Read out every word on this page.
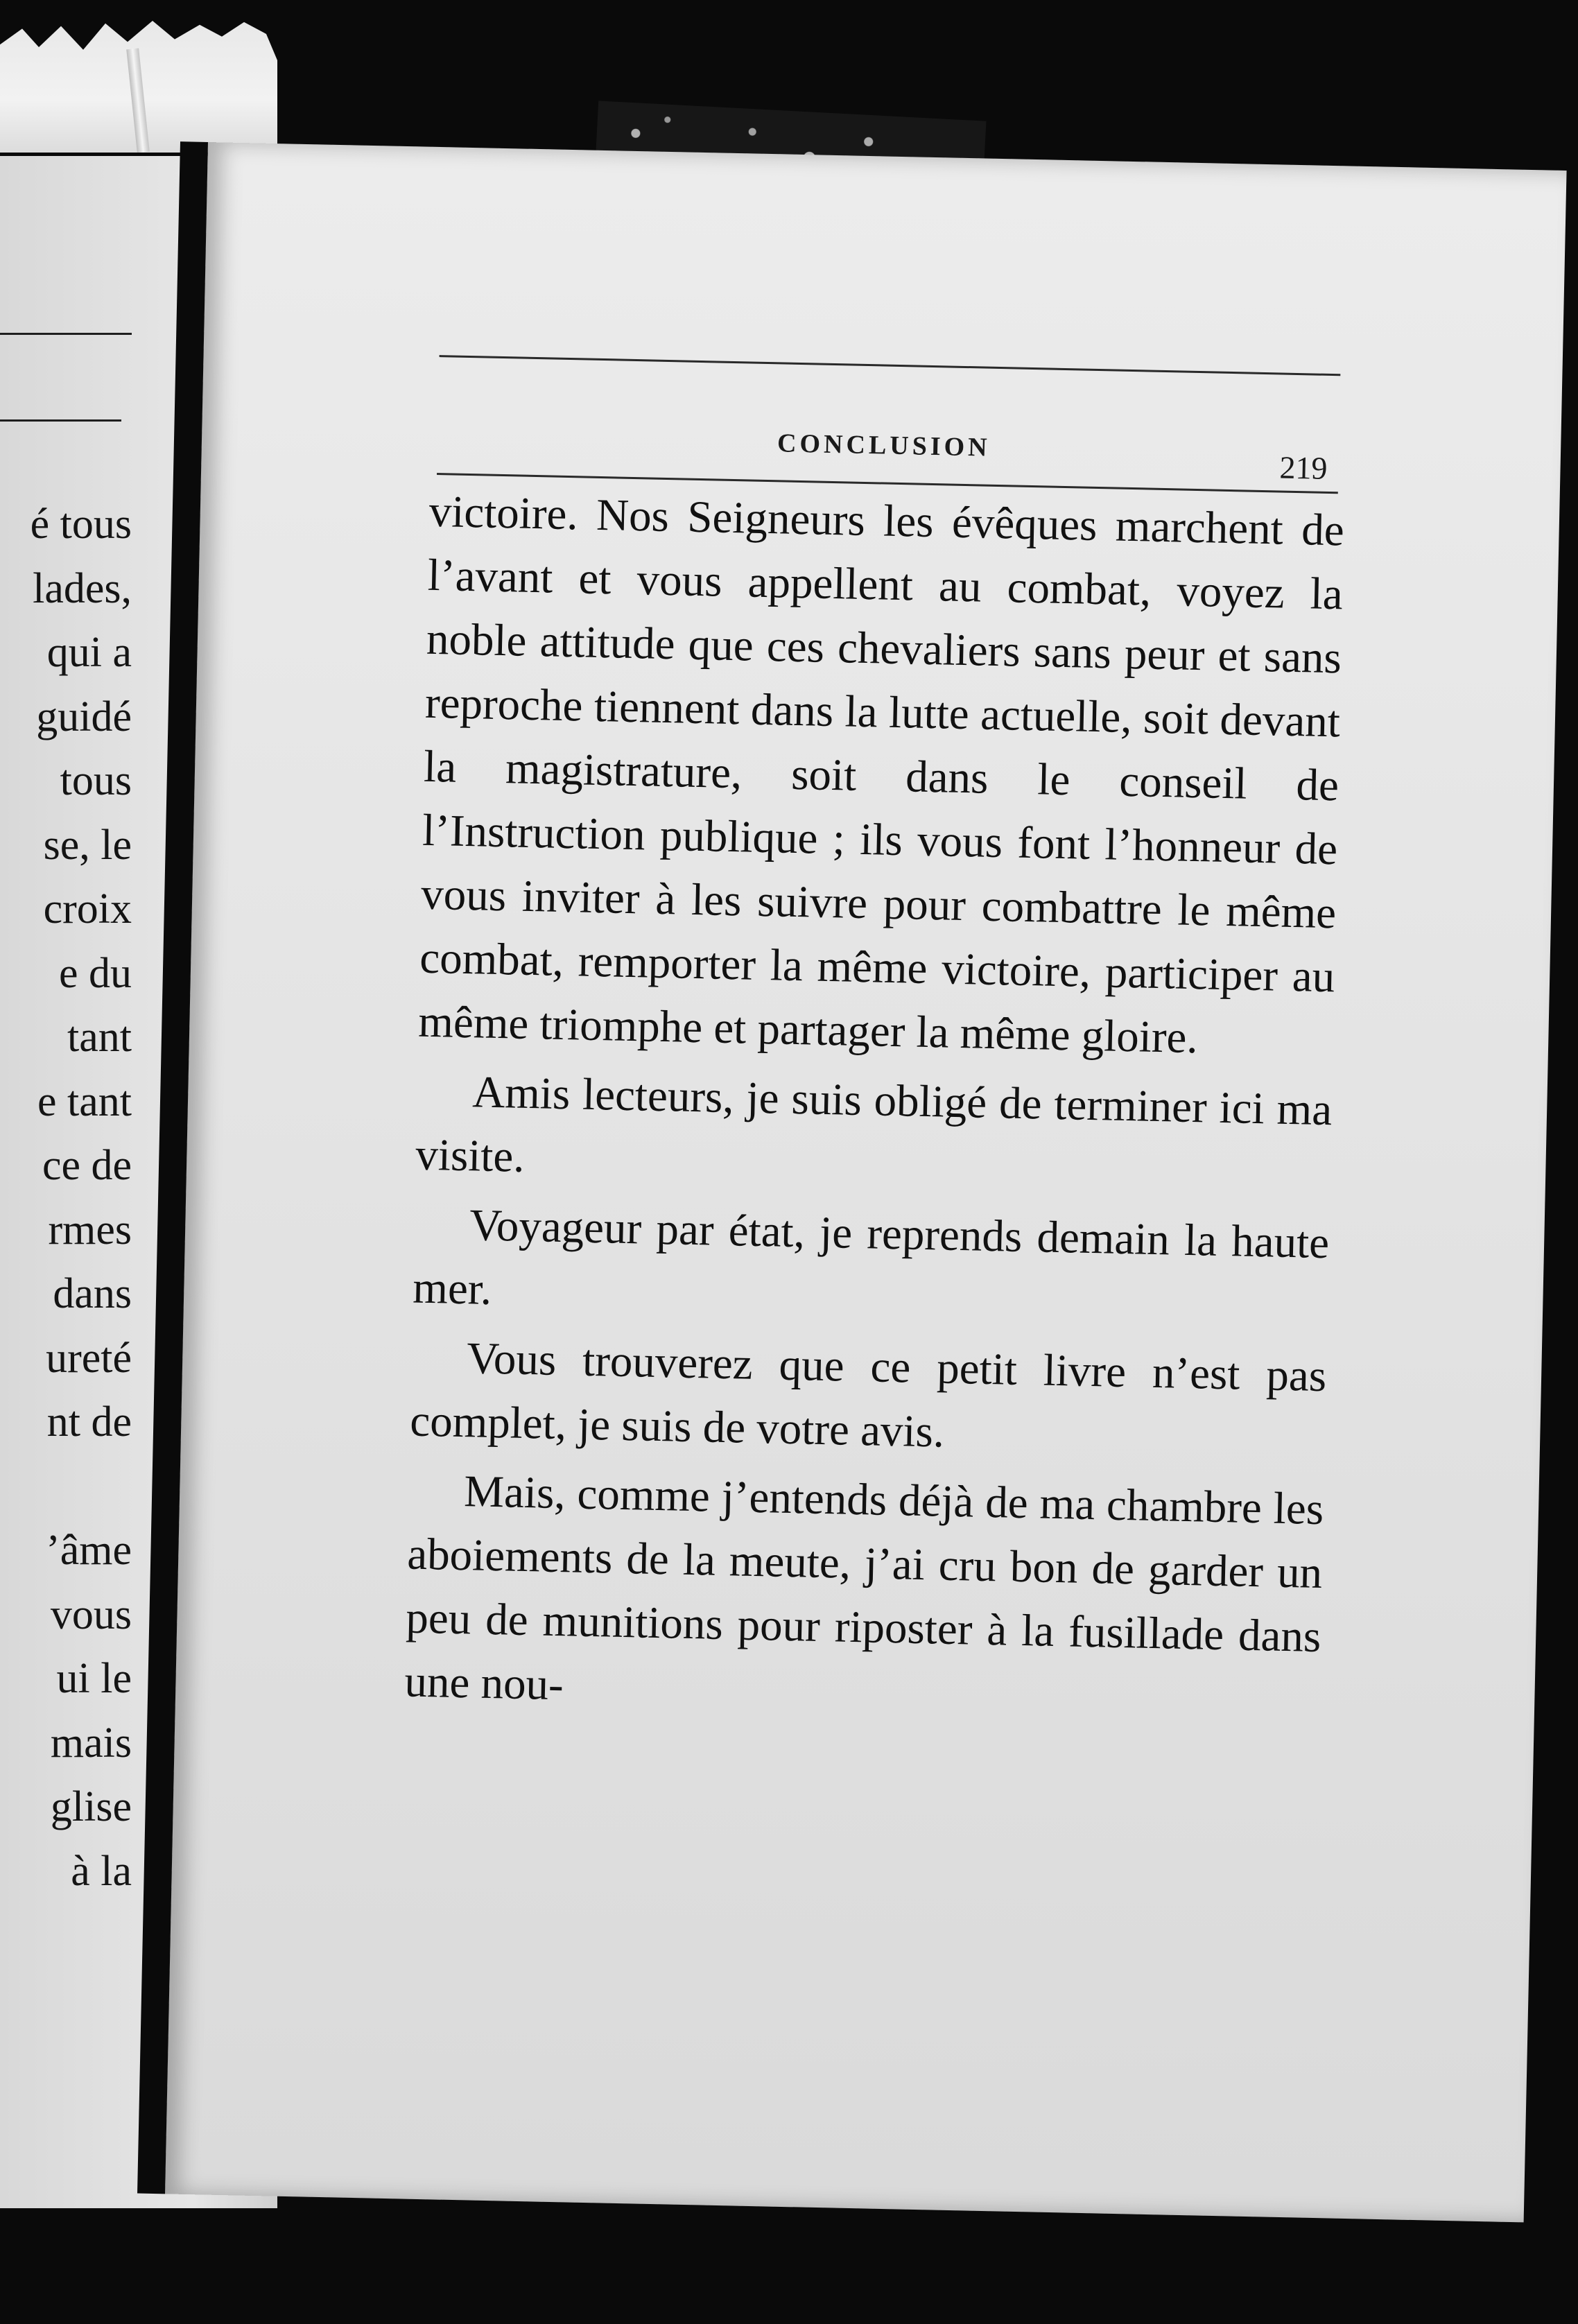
é tous
lades,
qui a
guidé
tous
se, le
croix
e du
tant
e tant
ce de
rmes
dans
ureté
nt de
’âme
vous
ui le
mais
glise
à la
CONCLUSION
219

victoire. Nos Seigneurs les évêques marchent de l’avant et vous appellent au combat, voyez la noble attitude que ces chevaliers sans peur et sans reproche tiennent dans la lutte actuelle, soit devant la magistrature, soit dans le conseil de l’Instruction publique ; ils vous font l’honneur de vous inviter à les suivre pour combattre le même combat, remporter la même victoire, participer au même triomphe et partager la même gloire.

Amis lecteurs, je suis obligé de terminer ici ma visite.

Voyageur par état, je reprends demain la haute mer.

Vous trouverez que ce petit livre n’est pas complet, je suis de votre avis.

Mais, comme j’entends déjà de ma chambre les aboiements de la meute, j’ai cru bon de garder un peu de munitions pour riposter à la fusillade dans une nou-
